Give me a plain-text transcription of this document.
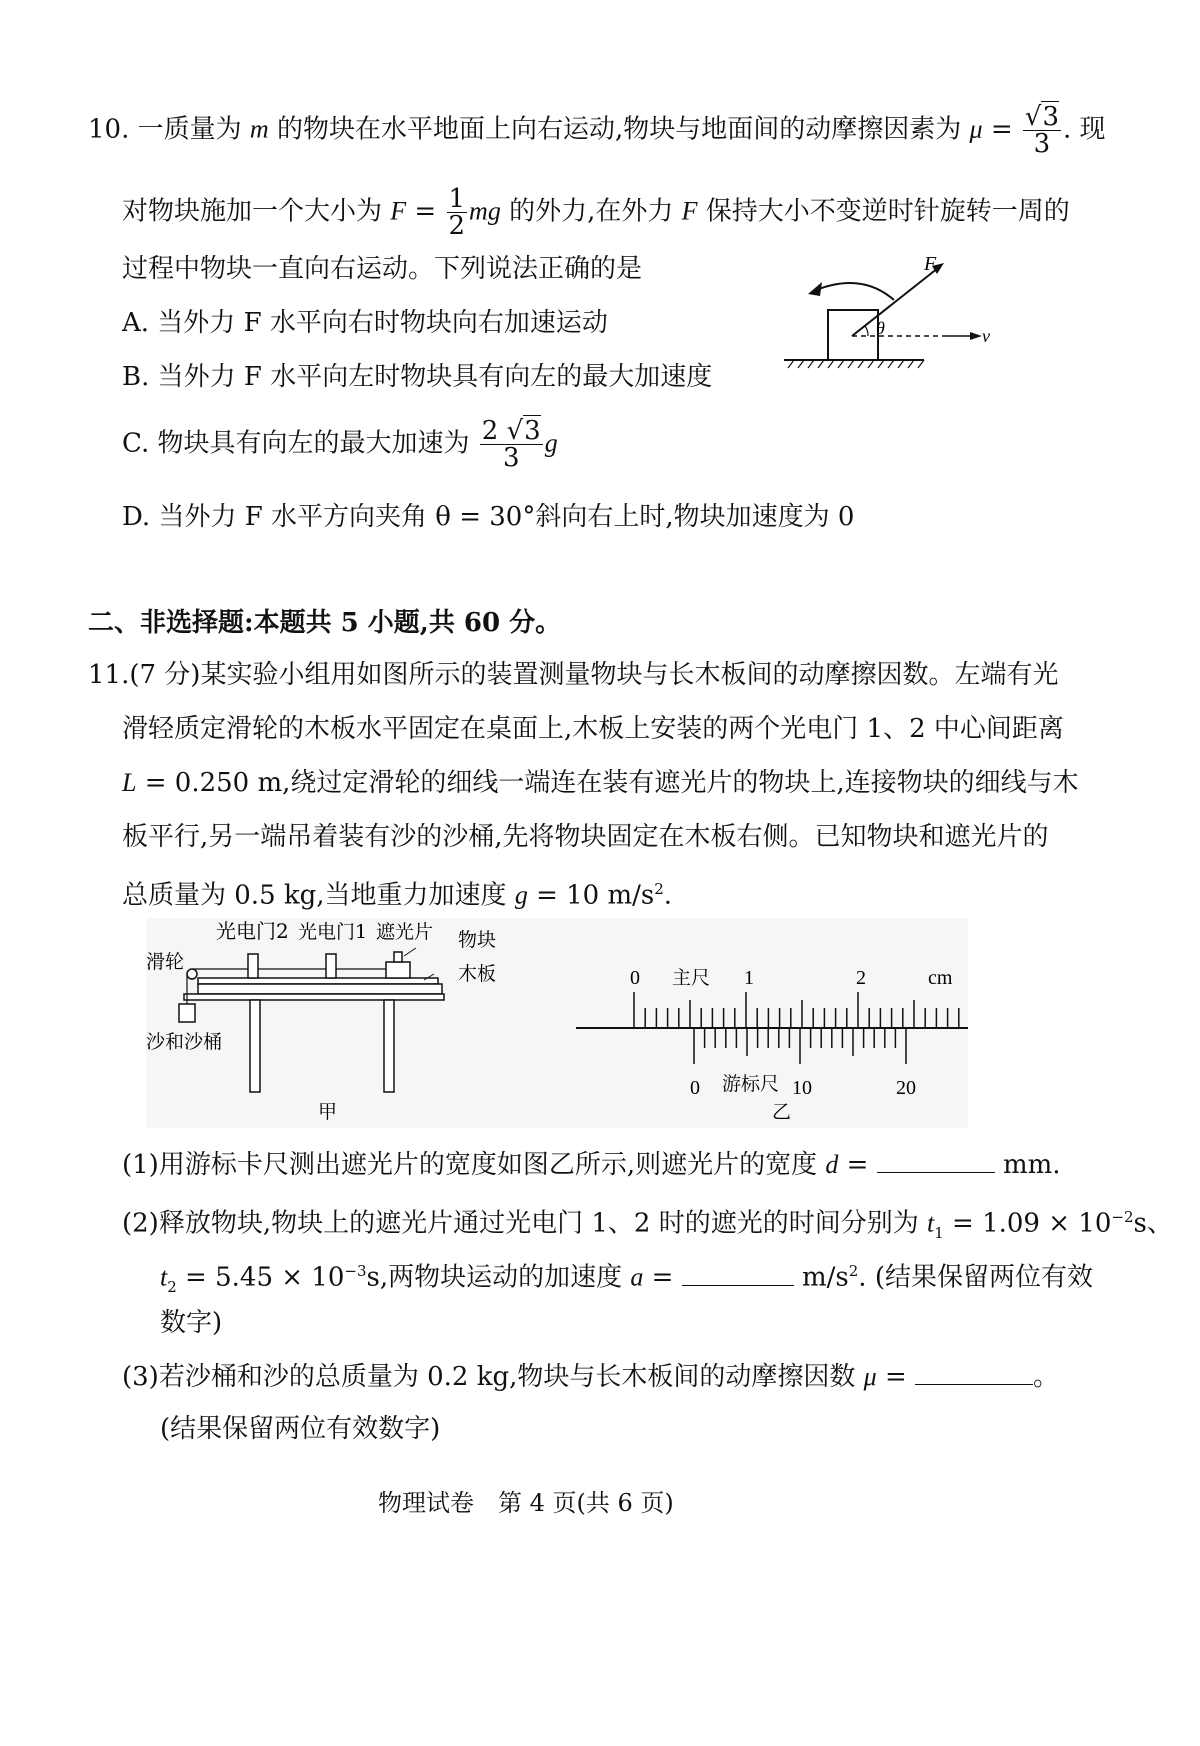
10. 一质量为 m 的物块在水平地面上向右运动,物块与地面间的动摩擦因素为 $\mu = \frac{√3}{3}$ . 现
对物块施加一个大小为 $F = \frac{1}{2}$ mg 的外力,在外力 F 保持大小不变逆时针旋转一周的
过程中物块一直向右运动。下列说法正确的是
A. 当外力 F 水平向右时物块向右加速运动
B. 当外力 F 水平向左时物块具有向左的最大加速度
C. 物块具有向左的最大加速为 $\frac{2 √3}{3}$ g
D. 当外力 F 水平方向夹角 θ = 30°斜向右上时,物块加速度为 0
F
θ	v
二、非选择题:本题共 5 小题,共 60 分。
11.(7 分)某实验小组用如图所示的装置测量物块与长木板间的动摩擦因数。左端有光
滑轻质定滑轮的木板水平固定在桌面上,木板上安装的两个光电门 1、2 中心间距离
L = 0.250 m,绕过定滑轮的细线一端连在装有遮光片的物块上,连接物块的细线与木
板平行,另一端吊着装有沙的沙桶,先将物块固定在木板右侧。已知物块和遮光片的
总质量为 0.5 kg,当地重力加速度 g = 10 $m/s^2$.
光电门2 光电门1 遮光片 物块
滑轮
木板
沙和沙桶
甲
0 主尺 1	2	cm
0 游标尺 10	20
乙
(1)用游标卡尺测出遮光片的宽度如图乙所示,则遮光片的宽度 d =	mm.
(2)释放物块,物块上的遮光片通过光电门 1、2 时的遮光的时间分别为 $t_1 = 1.09 \times 10^{-2}s$、
$t_2 = 5.45 \times 10^{-3}s$,两物块运动的加速度 a =	$m/s^2$. (结果保留两位有效
数字)
(3)若沙桶和沙的总质量为 0.2 kg,物块与长木板间的动摩擦因数 μ =	。
(结果保留两位有效数字)
物理试卷　第 4 页(共 6 页)
